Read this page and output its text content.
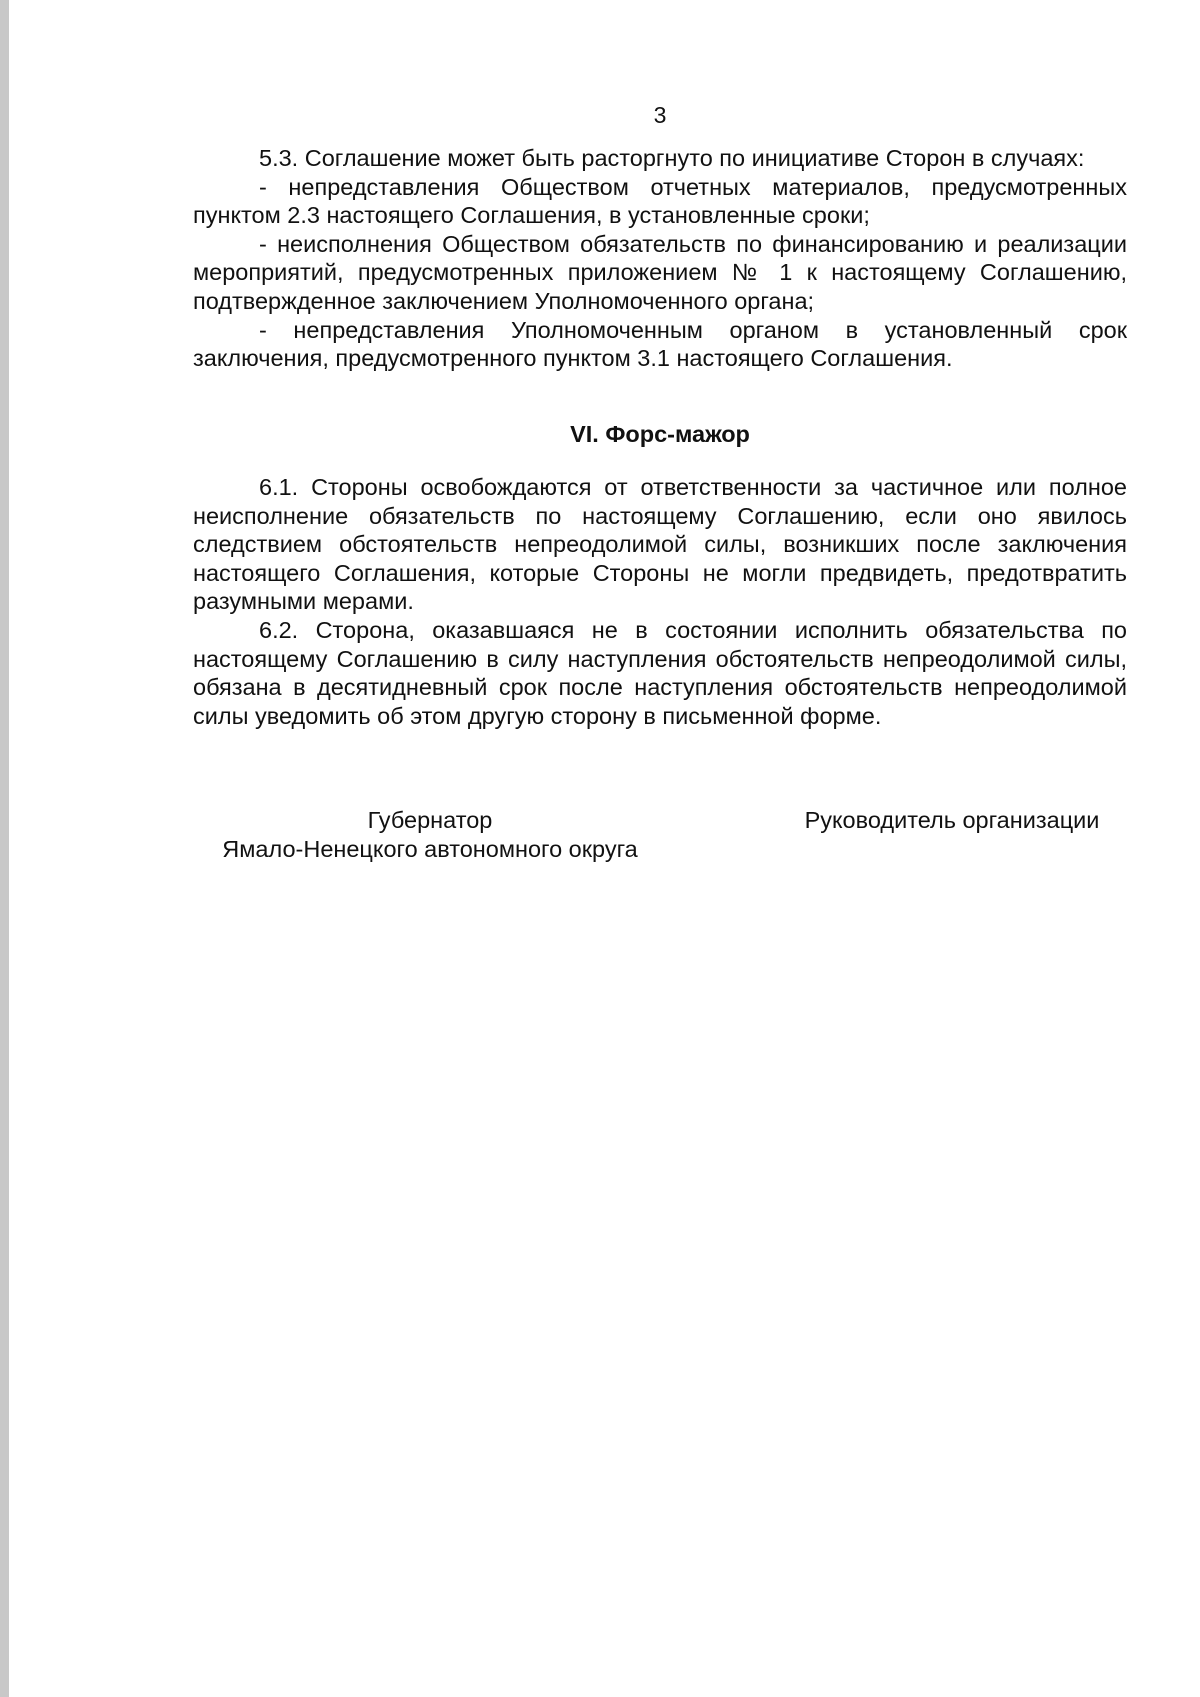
3

5.3. Соглашение может быть расторгнуто по инициативе Сторон в случаях:

- непредставления Обществом отчетных материалов, предусмотренных пунктом 2.3 настоящего Соглашения, в установленные сроки;

- неисполнения Обществом обязательств по финансированию и реализации мероприятий, предусмотренных приложением № 1 к настоящему Соглашению, подтвержденное заключением Уполномоченного органа;

- непредставления Уполномоченным органом в установленный срок заключения, предусмотренного пунктом 3.1 настоящего Соглашения.

VI. Форс-мажор

6.1. Стороны освобождаются от ответственности за частичное или полное неисполнение обязательств по настоящему Соглашению, если оно явилось следствием обстоятельств непреодолимой силы, возникших после заключения настоящего Соглашения, которые Стороны не могли предвидеть, предотвратить разумными мерами.

6.2. Сторона, оказавшаяся не в состоянии исполнить обязательства по настоящему Соглашению в силу наступления обстоятельств непреодолимой силы, обязана в десятидневный срок после наступления обстоятельств непреодолимой силы уведомить об этом другую сторону в письменной форме.

Губернатор
Ямало-Ненецкого автономного округа
Руководитель организации
